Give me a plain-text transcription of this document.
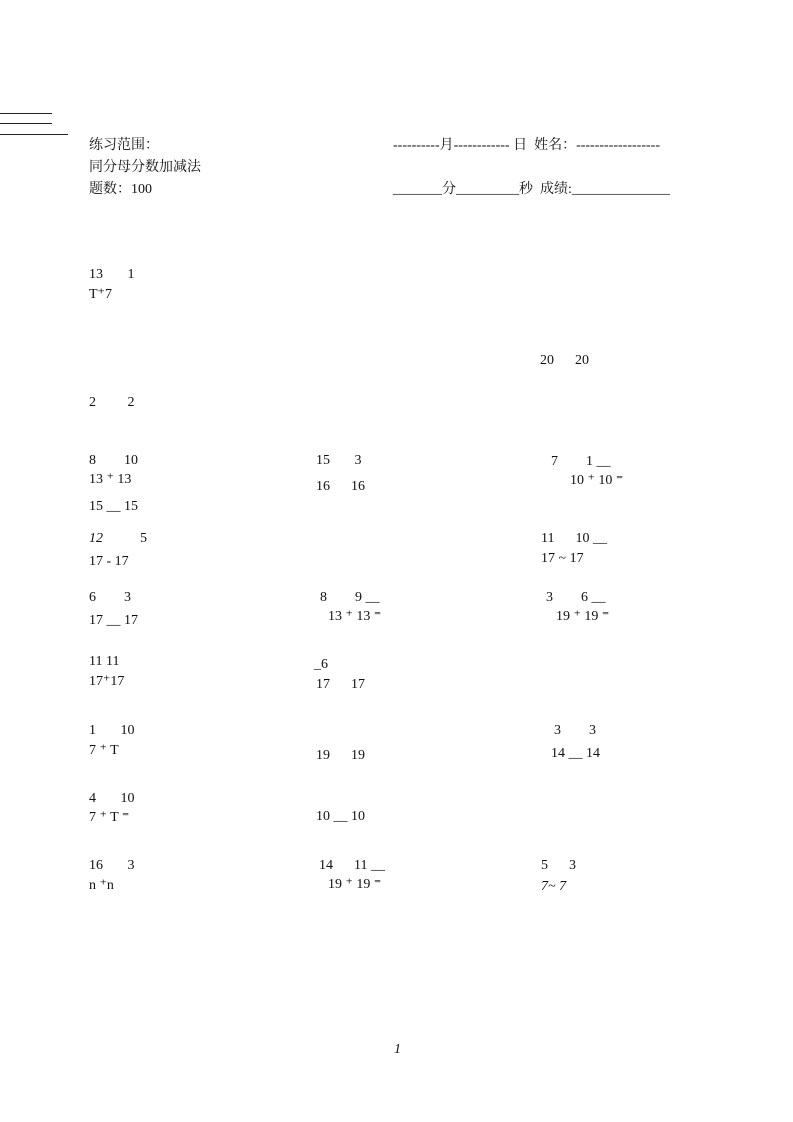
练习范围：
同分母分数加减法
题数：100
----------月------------ 日  姓名：------------------
_______分_________秒  成绩:______________
13       1
T⁺7
20      20
2         2
8        10
13 ⁺ 13
15 __ 15
15       3
16      16
7        1 __
10 ⁺ 10 ⁼
12	5
17 - 17
11      10 __
17 ~ 17
6        3
17 __ 17
8        9 __
13 ⁺ 13 ⁼
3        6 __
19 ⁺ 19 ⁼
11 11
17⁺17
_6
17      17
1       10
7 ⁺ T	19      19
3        3
14 __ 14
4       10
7 ⁺ T ⁼	10 __ 10
16       3
n ⁺n
14      11 __
19 ⁺ 19 ⁼
5      3
7~ 7
1
